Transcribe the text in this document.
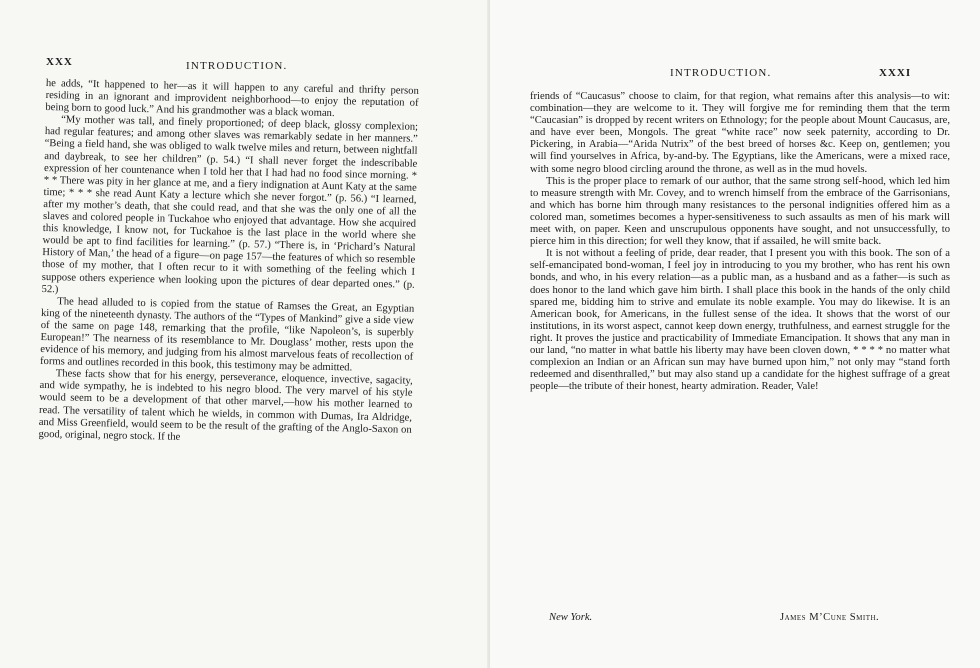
XXX	INTRODUCTION.

he adds, “It happened to her—as it will happen to any careful and thrifty person residing in an ignorant and improvident neighborhood—to enjoy the reputation of being born to good luck.” And his grandmother was a black woman.

“My mother was tall, and finely proportioned; of deep black, glossy complexion; had regular features; and among other slaves was remarkably sedate in her manners.” “Being a field hand, she was obliged to walk twelve miles and return, between nightfall and daybreak, to see her children” (p. 54.) “I shall never forget the indescribable expression of her countenance when I told her that I had had no food since morning. * * * There was pity in her glance at me, and a fiery indignation at Aunt Katy at the same time; * * * she read Aunt Katy a lecture which she never forgot.” (p. 56.) “I learned, after my mother’s death, that she could read, and that she was the only one of all the slaves and colored people in Tuckahoe who enjoyed that advantage. How she acquired this knowledge, I know not, for Tuckahoe is the last place in the world where she would be apt to find facilities for learning.” (p. 57.) “There is, in ‘Prichard’s Natural History of Man,’ the head of a figure—on page 157—the features of which so resemble those of my mother, that I often recur to it with something of the feeling which I suppose others experience when looking upon the pictures of dear departed ones.” (p. 52.)

The head alluded to is copied from the statue of Ramses the Great, an Egyptian king of the nineteenth dynasty. The authors of the “Types of Mankind” give a side view of the same on page 148, remarking that the profile, “like Napoleon’s, is superbly European!” The nearness of its resemblance to Mr. Douglass’ mother, rests upon the evidence of his memory, and judging from his almost marvelous feats of recollection of forms and outlines recorded in this book, this testimony may be admitted.

These facts show that for his energy, perseverance, eloquence, invective, sagacity, and wide sympathy, he is indebted to his negro blood. The very marvel of his style would seem to be a development of that other marvel,—how his mother learned to read. The versatility of talent which he wields, in common with Dumas, Ira Aldridge, and Miss Greenfield, would seem to be the result of the grafting of the Anglo-Saxon on good, original, negro stock. If the

INTRODUCTION.	XXXI

friends of “Caucasus” choose to claim, for that region, what remains after this analysis—to wit: combination—they are welcome to it. They will forgive me for reminding them that the term “Caucasian” is dropped by recent writers on Ethnology; for the people about Mount Caucasus, are, and have ever been, Mongols. The great “white race” now seek paternity, according to Dr. Pickering, in Arabia—“Arida Nutrix” of the best breed of horses &c. Keep on, gentlemen; you will find yourselves in Africa, by-and-by. The Egyptians, like the Americans, were a mixed race, with some negro blood circling around the throne, as well as in the mud hovels.

This is the proper place to remark of our author, that the same strong self-hood, which led him to measure strength with Mr. Covey, and to wrench himself from the embrace of the Garrisonians, and which has borne him through many resistances to the personal indignities offered him as a colored man, sometimes becomes a hyper-sensitiveness to such assaults as men of his mark will meet with, on paper. Keen and unscrupulous opponents have sought, and not unsuccessfully, to pierce him in this direction; for well they know, that if assailed, he will smite back.

It is not without a feeling of pride, dear reader, that I present you with this book. The son of a self-emancipated bond-woman, I feel joy in introducing to you my brother, who has rent his own bonds, and who, in his every relation—as a public man, as a husband and as a father—is such as does honor to the land which gave him birth. I shall place this book in the hands of the only child spared me, bidding him to strive and emulate its noble example. You may do likewise. It is an American book, for Americans, in the fullest sense of the idea. It shows that the worst of our institutions, in its worst aspect, cannot keep down energy, truthfulness, and earnest struggle for the right. It proves the justice and practicability of Immediate Emancipation. It shows that any man in our land, “no matter in what battle his liberty may have been cloven down, * * * * no matter what complexion an Indian or an African sun may have burned upon him,” not only may “stand forth redeemed and disenthralled,” but may also stand up a candidate for the highest suffrage of a great people—the tribute of their honest, hearty admiration. Reader, Vale!

New York.	James M’Cune Smith.
